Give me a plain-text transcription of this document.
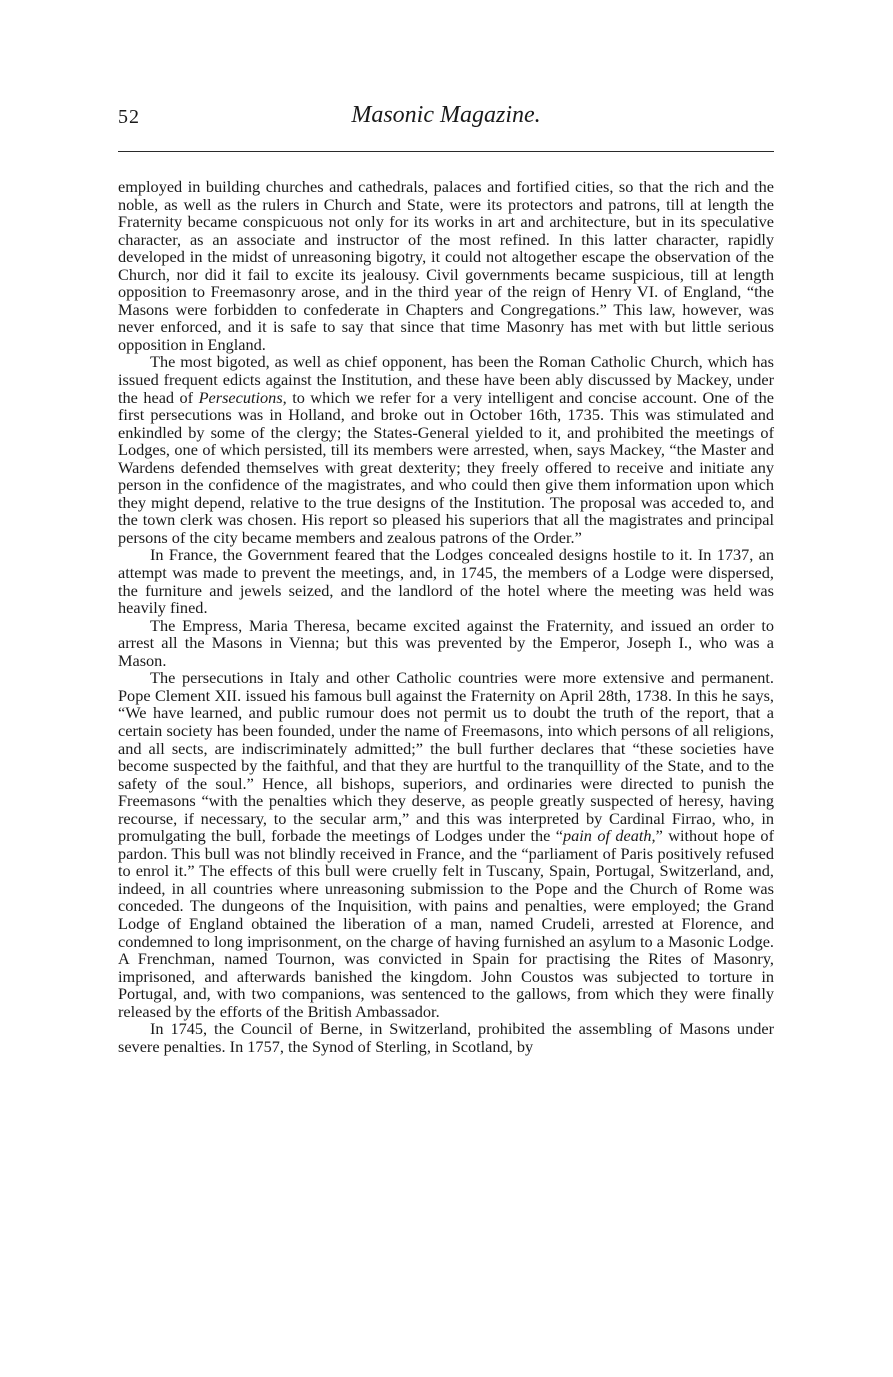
52	Masonic Magazine.

employed in building churches and cathedrals, palaces and fortified cities, so that the rich and the noble, as well as the rulers in Church and State, were its protectors and patrons, till at length the Fraternity became conspicuous not only for its works in art and architecture, but in its speculative character, as an associate and instructor of the most refined. In this latter character, rapidly developed in the midst of unreasoning bigotry, it could not altogether escape the observation of the Church, nor did it fail to excite its jealousy. Civil governments became suspicious, till at length opposition to Freemasonry arose, and in the third year of the reign of Henry VI. of England, “the Masons were forbidden to confederate in Chapters and Congregations.” This law, however, was never enforced, and it is safe to say that since that time Masonry has met with but little serious opposition in England.

The most bigoted, as well as chief opponent, has been the Roman Catholic Church, which has issued frequent edicts against the Institution, and these have been ably discussed by Mackey, under the head of Persecutions, to which we refer for a very intelligent and concise account. One of the first persecutions was in Holland, and broke out in October 16th, 1735. This was stimulated and enkindled by some of the clergy; the States-General yielded to it, and prohibited the meetings of Lodges, one of which persisted, till its members were arrested, when, says Mackey, “the Master and Wardens defended themselves with great dexterity; they freely offered to receive and initiate any person in the confidence of the magistrates, and who could then give them information upon which they might depend, relative to the true designs of the Institution. The proposal was acceded to, and the town clerk was chosen. His report so pleased his superiors that all the magistrates and principal persons of the city became members and zealous patrons of the Order.”

In France, the Government feared that the Lodges concealed designs hostile to it. In 1737, an attempt was made to prevent the meetings, and, in 1745, the members of a Lodge were dispersed, the furniture and jewels seized, and the landlord of the hotel where the meeting was held was heavily fined.

The Empress, Maria Theresa, became excited against the Fraternity, and issued an order to arrest all the Masons in Vienna; but this was prevented by the Emperor, Joseph I., who was a Mason.

The persecutions in Italy and other Catholic countries were more extensive and permanent. Pope Clement XII. issued his famous bull against the Fraternity on April 28th, 1738. In this he says, “We have learned, and public rumour does not permit us to doubt the truth of the report, that a certain society has been founded, under the name of Freemasons, into which persons of all religions, and all sects, are indiscriminately admitted;” the bull further declares that “these societies have become suspected by the faithful, and that they are hurtful to the tranquillity of the State, and to the safety of the soul.” Hence, all bishops, superiors, and ordinaries were directed to punish the Freemasons “with the penalties which they deserve, as people greatly suspected of heresy, having recourse, if necessary, to the secular arm,” and this was interpreted by Cardinal Firrao, who, in promulgating the bull, forbade the meetings of Lodges under the “pain of death,” without hope of pardon. This bull was not blindly received in France, and the “parliament of Paris positively refused to enrol it.” The effects of this bull were cruelly felt in Tuscany, Spain, Portugal, Switzerland, and, indeed, in all countries where unreasoning submission to the Pope and the Church of Rome was conceded. The dungeons of the Inquisition, with pains and penalties, were employed; the Grand Lodge of England obtained the liberation of a man, named Crudeli, arrested at Florence, and condemned to long imprisonment, on the charge of having furnished an asylum to a Masonic Lodge. A Frenchman, named Tournon, was convicted in Spain for practising the Rites of Masonry, imprisoned, and afterwards banished the kingdom. John Coustos was subjected to torture in Portugal, and, with two companions, was sentenced to the gallows, from which they were finally released by the efforts of the British Ambassador.

In 1745, the Council of Berne, in Switzerland, prohibited the assembling of Masons under severe penalties. In 1757, the Synod of Sterling, in Scotland, by
